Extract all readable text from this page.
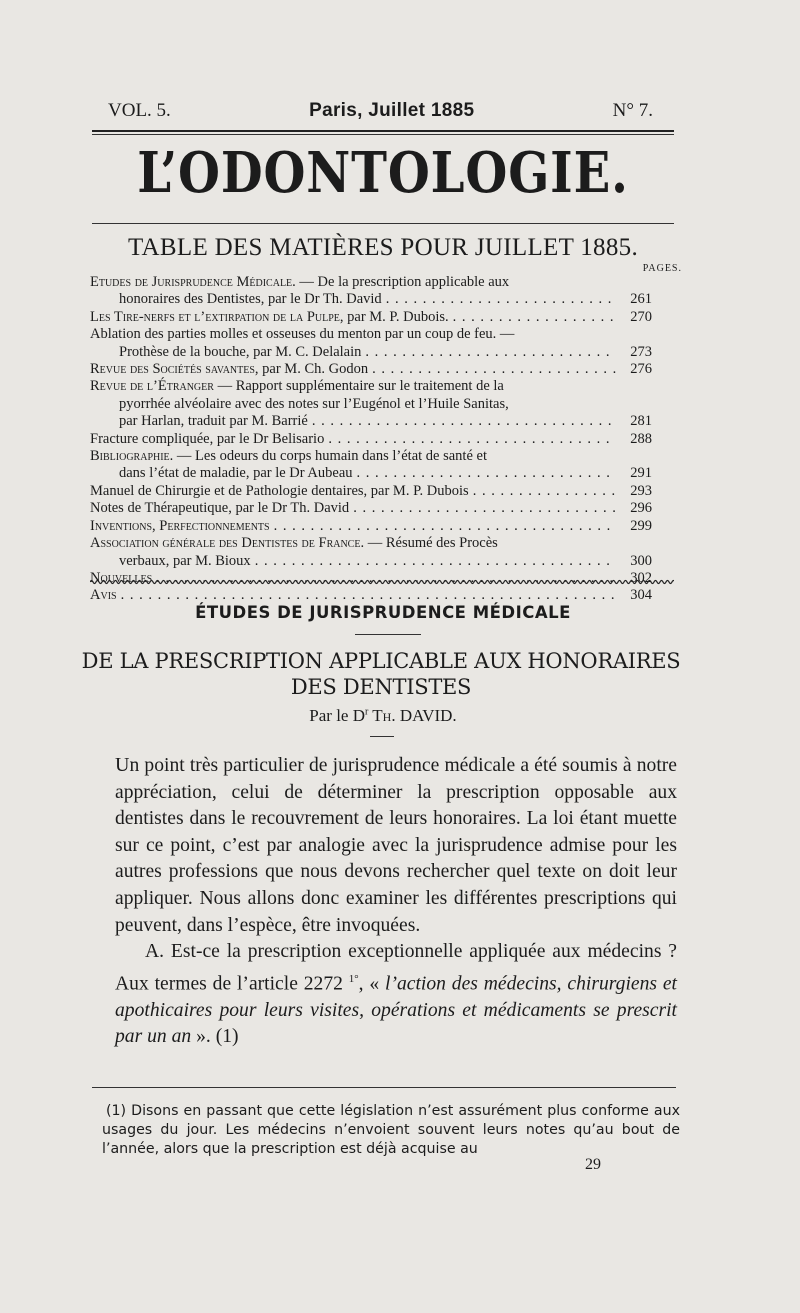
VOL. 5.	Paris, Juillet 1885	N° 7.
L’ODONTOLOGIE.
TABLE DES MATIÈRES POUR JUILLET 1885.
PAGES.
Etudes de Jurisprudence Médicale. — De la prescription applicable aux
honoraires des Dentistes, par le Dr Th. David . . .	261
Les Tire-nerfs et l’extirpation de la Pulpe, par M. P. Dubois. . . .	270
Ablation des parties molles et osseuses du menton par un coup de feu. —
Prothèse de la bouche, par M. C. Delalain . . .	273
Revue des Sociétés savantes, par M. Ch. Godon . . .	276
Revue de l’Étranger — Rapport supplémentaire sur le traitement de la
pyorrhée alvéolaire avec des notes sur l’Eugénol et l’Huile Sanitas,
par Harlan, traduit par M. Barrié . . .	281
Fracture compliquée, par le Dr Belisario . . .	288
Bibliographie. — Les odeurs du corps humain dans l’état de santé et
dans l’état de maladie, par le Dr Aubeau . . .	291
Manuel de Chirurgie et de Pathologie dentaires, par M. P. Dubois . . .	293
Notes de Thérapeutique, par le Dr Th. David . . .	296
Inventions, Perfectionnements . . .	299
Association générale des Dentistes de France. — Résumé des Procès
verbaux, par M. Bioux . . .	300
Nouvelles . . .	302
Avis . . .	304
ÉTUDES DE JURISPRUDENCE MÉDICALE
DE LA PRESCRIPTION APPLICABLE AUX HONORAIRES
DES DENTISTES
Par le $D^r$ Th. DAVID.

Un point très particulier de jurisprudence médicale a été soumis à notre appréciation, celui de déterminer la prescription opposable aux dentistes dans le recouvrement de leurs honoraires. La loi étant muette sur ce point, c’est par analogie avec la jurisprudence admise pour les autres professions que nous devons rechercher quel texte on doit leur appliquer. Nous allons donc examiner les différentes prescriptions qui peuvent, dans l’espèce, être invoquées.

A. Est-ce la prescription exceptionnelle appliquée aux médecins ? Aux termes de l’article 2272 $^{1^\circ}$, « l’action des médecins, chirurgiens et apothicaires pour leurs visites, opérations et médicaments se prescrit par un an ». (1)

(1) Disons en passant que cette législation n’est assurément plus conforme aux usages du jour. Les médecins n’envoient souvent leurs notes qu’au bout de l’année, alors que la prescription est déjà acquise au

29
